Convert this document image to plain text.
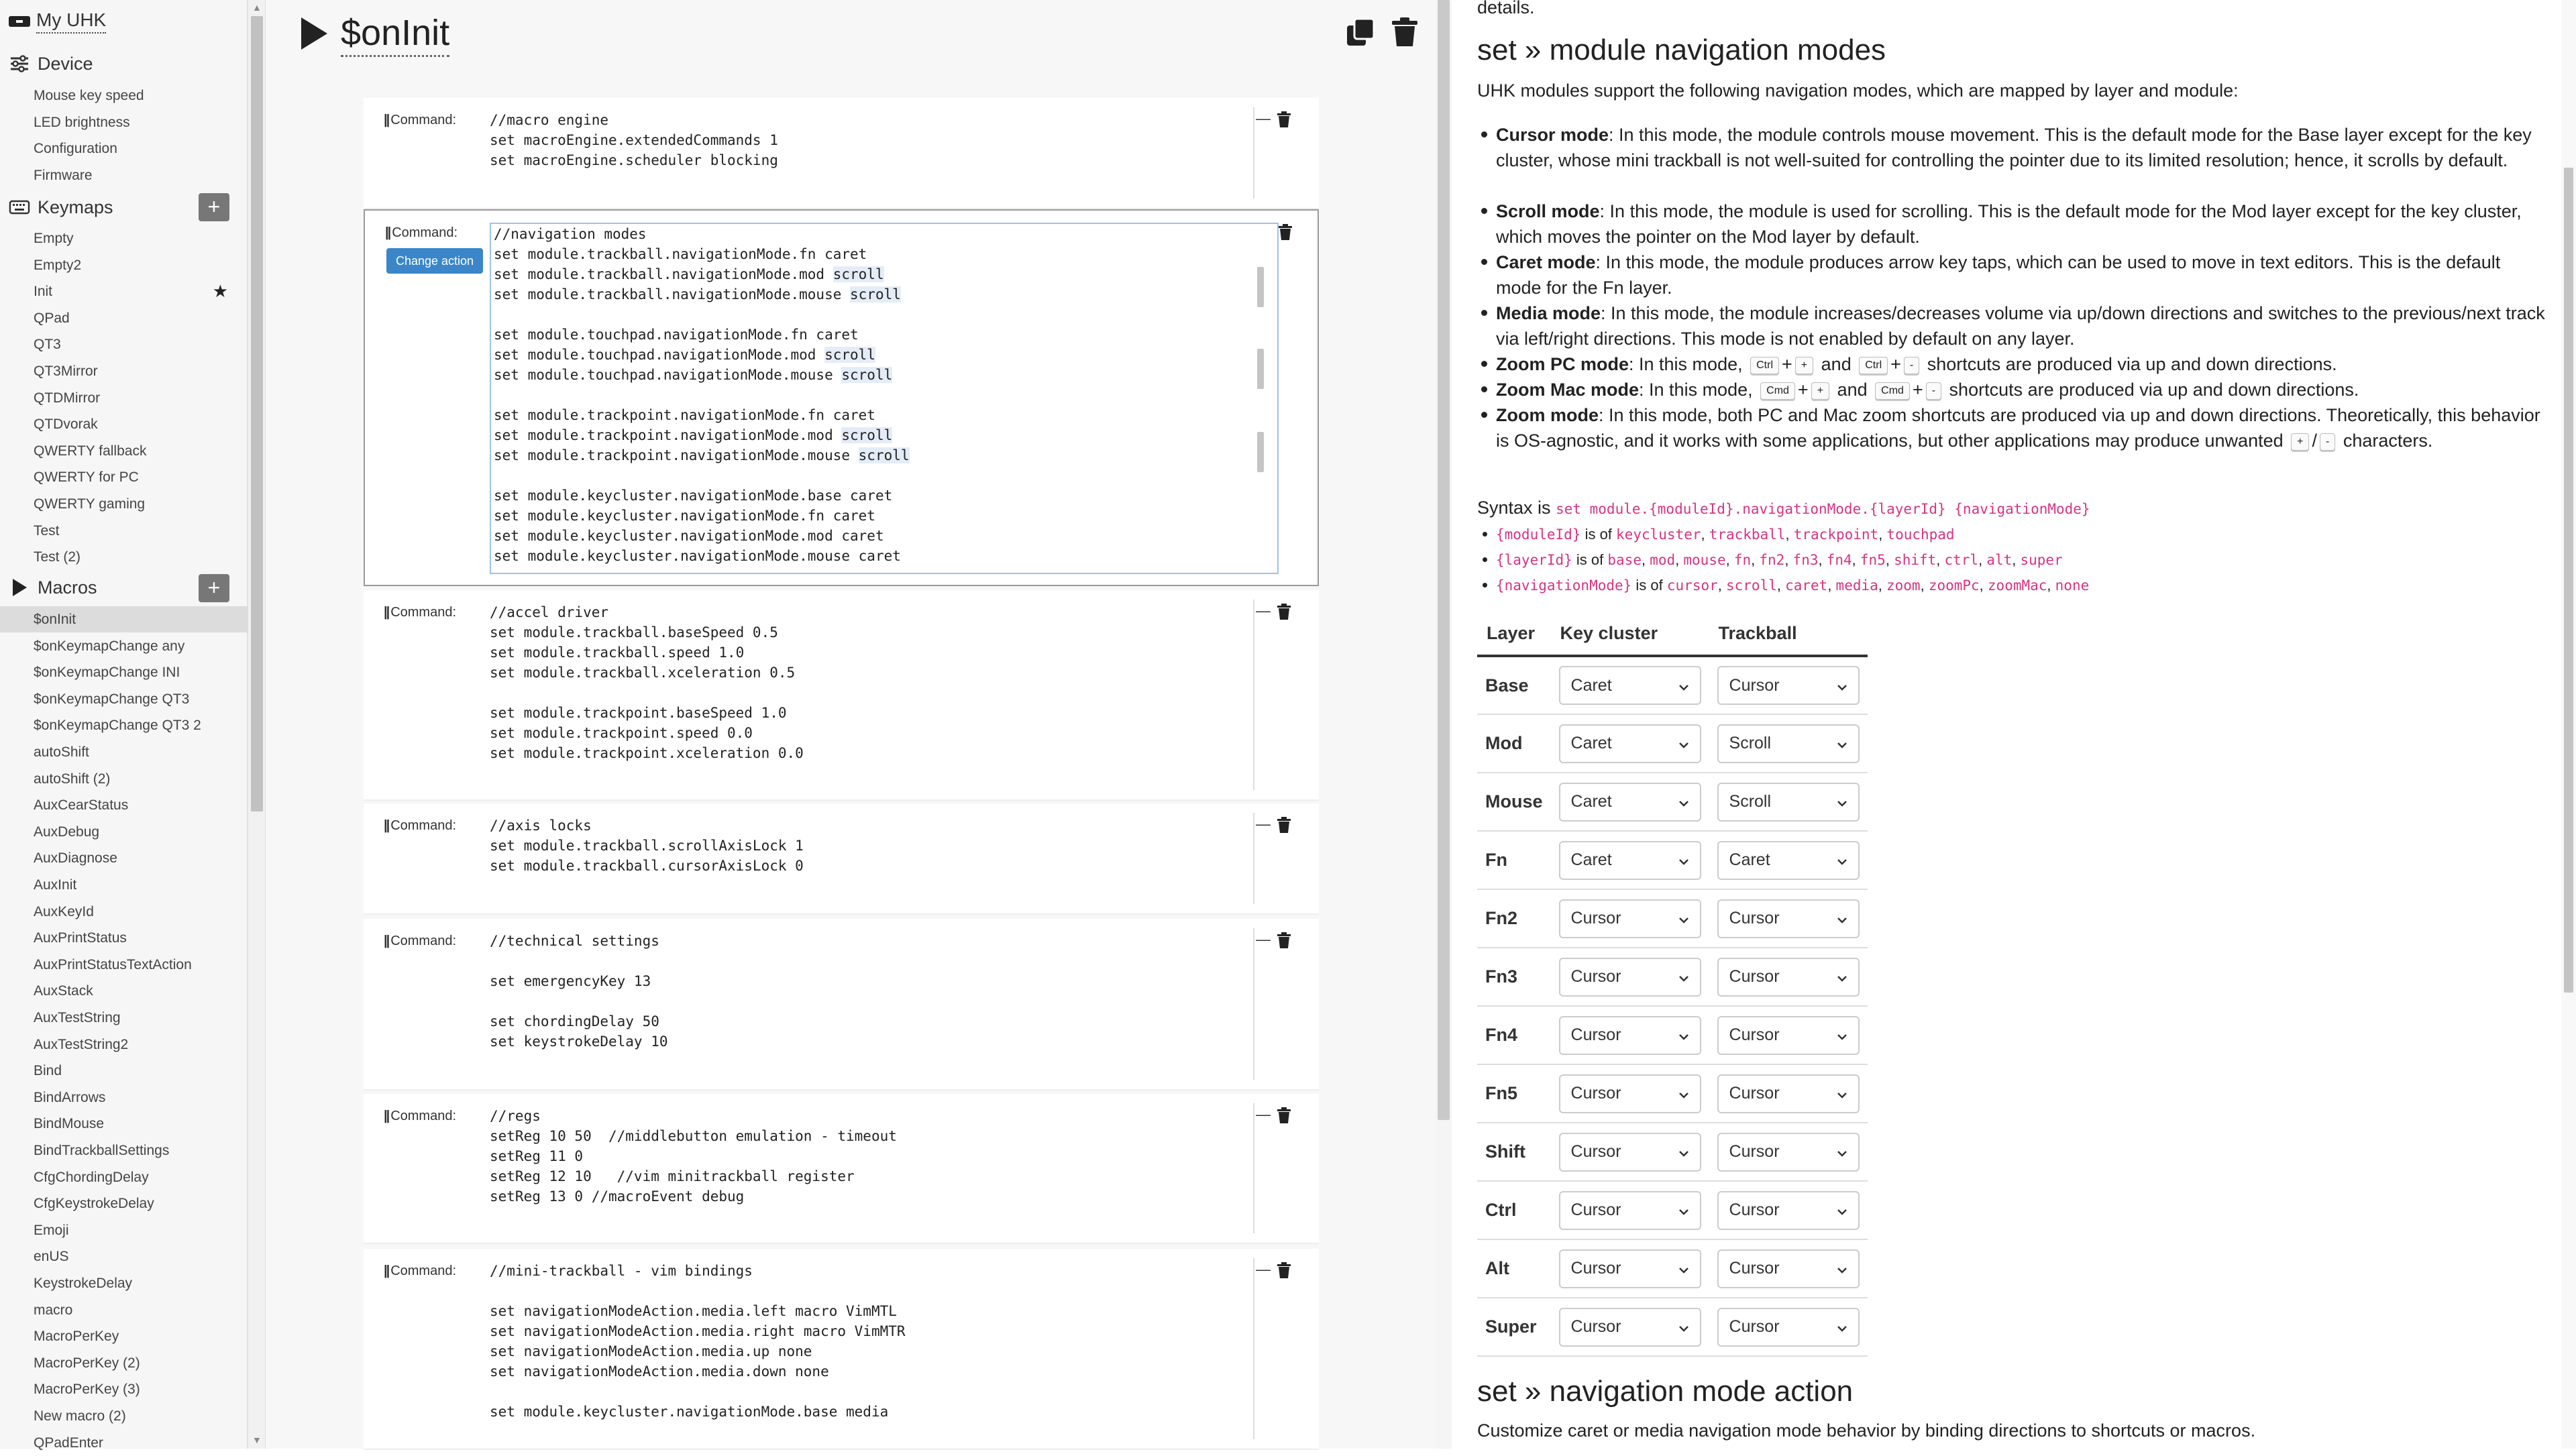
My UHK
Device
Keymaps	+
Macros	+
Mouse key speed
LED brightness
Configuration
Firmware
Empty
Empty2
Init	★
QPad
QT3
QT3Mirror
QTDMirror
QTDvorak
QWERTY fallback
QWERTY for PC
QWERTY gaming
Test
Test (2)
$onInit
$onKeymapChange any
$onKeymapChange INI
$onKeymapChange QT3
$onKeymapChange QT3 2
autoShift
autoShift (2)
AuxCearStatus
AuxDebug
AuxDiagnose
AuxInit
AuxKeyId
AuxPrintStatus
AuxPrintStatusTextAction
AuxStack
AuxTestString
AuxTestString2
Bind
BindArrows
BindMouse
BindTrackballSettings
CfgChordingDelay
CfgKeystrokeDelay
Emoji
enUS
KeystrokeDelay
macro
MacroPerKey
MacroPerKey (2)
MacroPerKey (3)
New macro (2)
QPadEnter
▲
▼
$onInit
|| Command: //macro engine
set macroEngine.extendedCommands 1
set macroEngine.scheduler blocking
—
|| Command:
Change action
//navigation modes
set module.trackball.navigationMode.fn caret
set module.trackball.navigationMode.mod scroll
set module.trackball.navigationMode.mouse scroll

set module.touchpad.navigationMode.fn caret
set module.touchpad.navigationMode.mod scroll
set module.touchpad.navigationMode.mouse scroll

set module.trackpoint.navigationMode.fn caret
set module.trackpoint.navigationMode.mod scroll
set module.trackpoint.navigationMode.mouse scroll

set module.keycluster.navigationMode.base caret
set module.keycluster.navigationMode.fn caret
set module.keycluster.navigationMode.mod caret
set module.keycluster.navigationMode.mouse caret
|| Command: //accel driver
set module.trackball.baseSpeed 0.5
set module.trackball.speed 1.0
set module.trackball.xceleration 0.5

set module.trackpoint.baseSpeed 1.0
set module.trackpoint.speed 0.0
set module.trackpoint.xceleration 0.0
—
|| Command: //axis locks
set module.trackball.scrollAxisLock 1
set module.trackball.cursorAxisLock 0
—
|| Command: //technical settings

set emergencyKey 13

set chordingDelay 50
set keystrokeDelay 10
—
|| Command: //regs
setReg 10 50  //middlebutton emulation - timeout
setReg 11 0
setReg 12 10   //vim minitrackball register
setReg 13 0 //macroEvent debug
—
|| Command: //mini-trackball - vim bindings

set navigationModeAction.media.left macro VimMTL
set navigationModeAction.media.right macro VimMTR
set navigationModeAction.media.up none
set navigationModeAction.media.down none

set module.keycluster.navigationMode.base media
—
details.
set » module navigation modes
UHK modules support the following navigation modes, which are mapped by layer and module:
Cursor mode: In this mode, the module controls mouse movement. This is the default mode for the Base layer except for the key cluster, whose mini trackball is not well-suited for controlling the pointer due to its limited resolution; hence, it scrolls by default.
Scroll mode: In this mode, the module is used for scrolling. This is the default mode for the Mod layer except for the key cluster, which moves the pointer on the Mod layer by default.
Caret mode: In this mode, the module produces arrow key taps, which can be used to move in text editors. This is the default mode for the Fn layer.
Media mode: In this mode, the module increases/decreases volume via up/down directions and switches to the previous/next track via left/right directions. This mode is not enabled by default on any layer.
Zoom PC mode: In this mode, Ctrl + + and Ctrl + - shortcuts are produced via up and down directions.
Zoom Mac mode: In this mode, Cmd + + and Cmd + - shortcuts are produced via up and down directions.
Zoom mode: In this mode, both PC and Mac zoom shortcuts are produced via up and down directions. Theoretically, this behavior is OS-agnostic, and it works with some applications, but other applications may produce unwanted + / - characters.
Syntax is set module.{moduleId}.navigationMode.{layerId} {navigationMode}
{moduleId} is of keycluster, trackball, trackpoint, touchpad
{layerId} is of base, mod, mouse, fn, fn2, fn3, fn4, fn5, shift, ctrl, alt, super
{navigationMode} is of cursor, scroll, caret, media, zoom, zoomPc, zoomMac, none
Layer	Key cluster	Trackball
Base	Caret	Cursor

Mod	Caret	Scroll

Mouse	Caret	Scroll

Fn	Caret	Caret

Fn2	Cursor	Cursor

Fn3	Cursor	Cursor

Fn4	Cursor	Cursor

Fn5	Cursor	Cursor

Shift	Cursor	Cursor

Ctrl	Cursor	Cursor

Alt	Cursor	Cursor

Super	Cursor	Cursor
set » navigation mode action
Customize caret or media navigation mode behavior by binding directions to shortcuts or macros.
